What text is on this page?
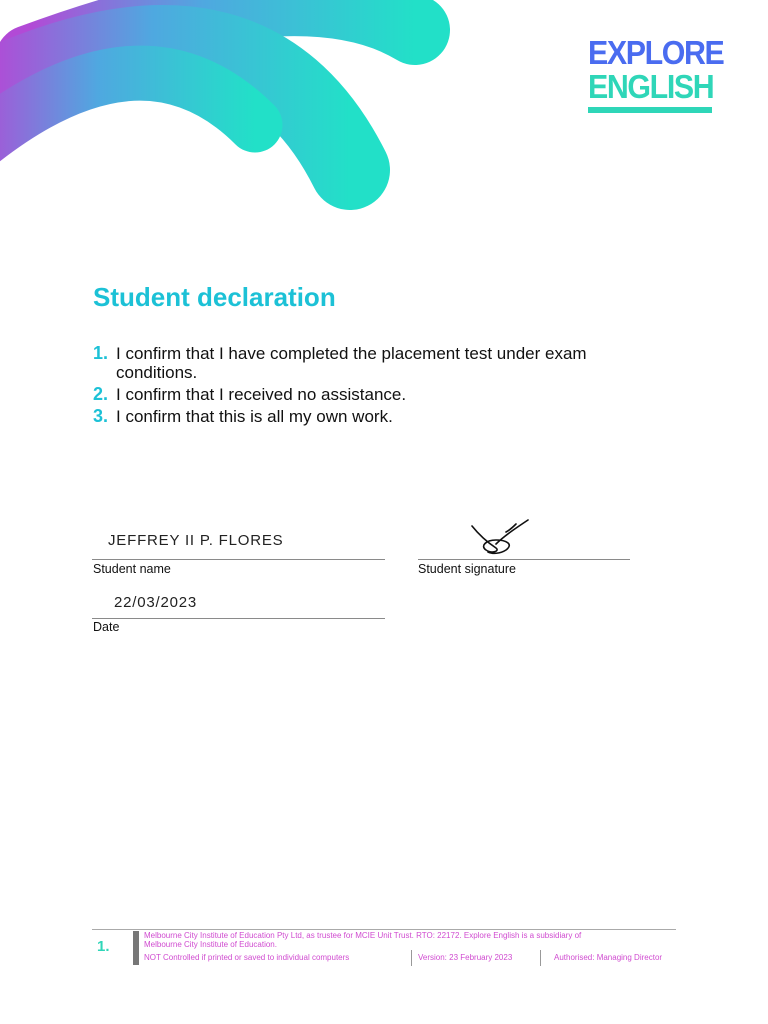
EXPLORE
ENGLISH
Student declaration
1. I confirm that I have completed the placement test under exam conditions.
2. I confirm that I received no assistance.
3. I confirm that this is all my own work.
JEFFREY II P. FLORES
Student name	Student signature
22/03/2023
Date
1.
Melbourne City Institute of Education Pty Ltd, as trustee for MCIE Unit Trust. RTO: 22172. Explore English is a subsidiary of
Melbourne City Institute of Education.
NOT Controlled if printed or saved to individual computers	Version: 23 February 2023	Authorised: Managing Director
